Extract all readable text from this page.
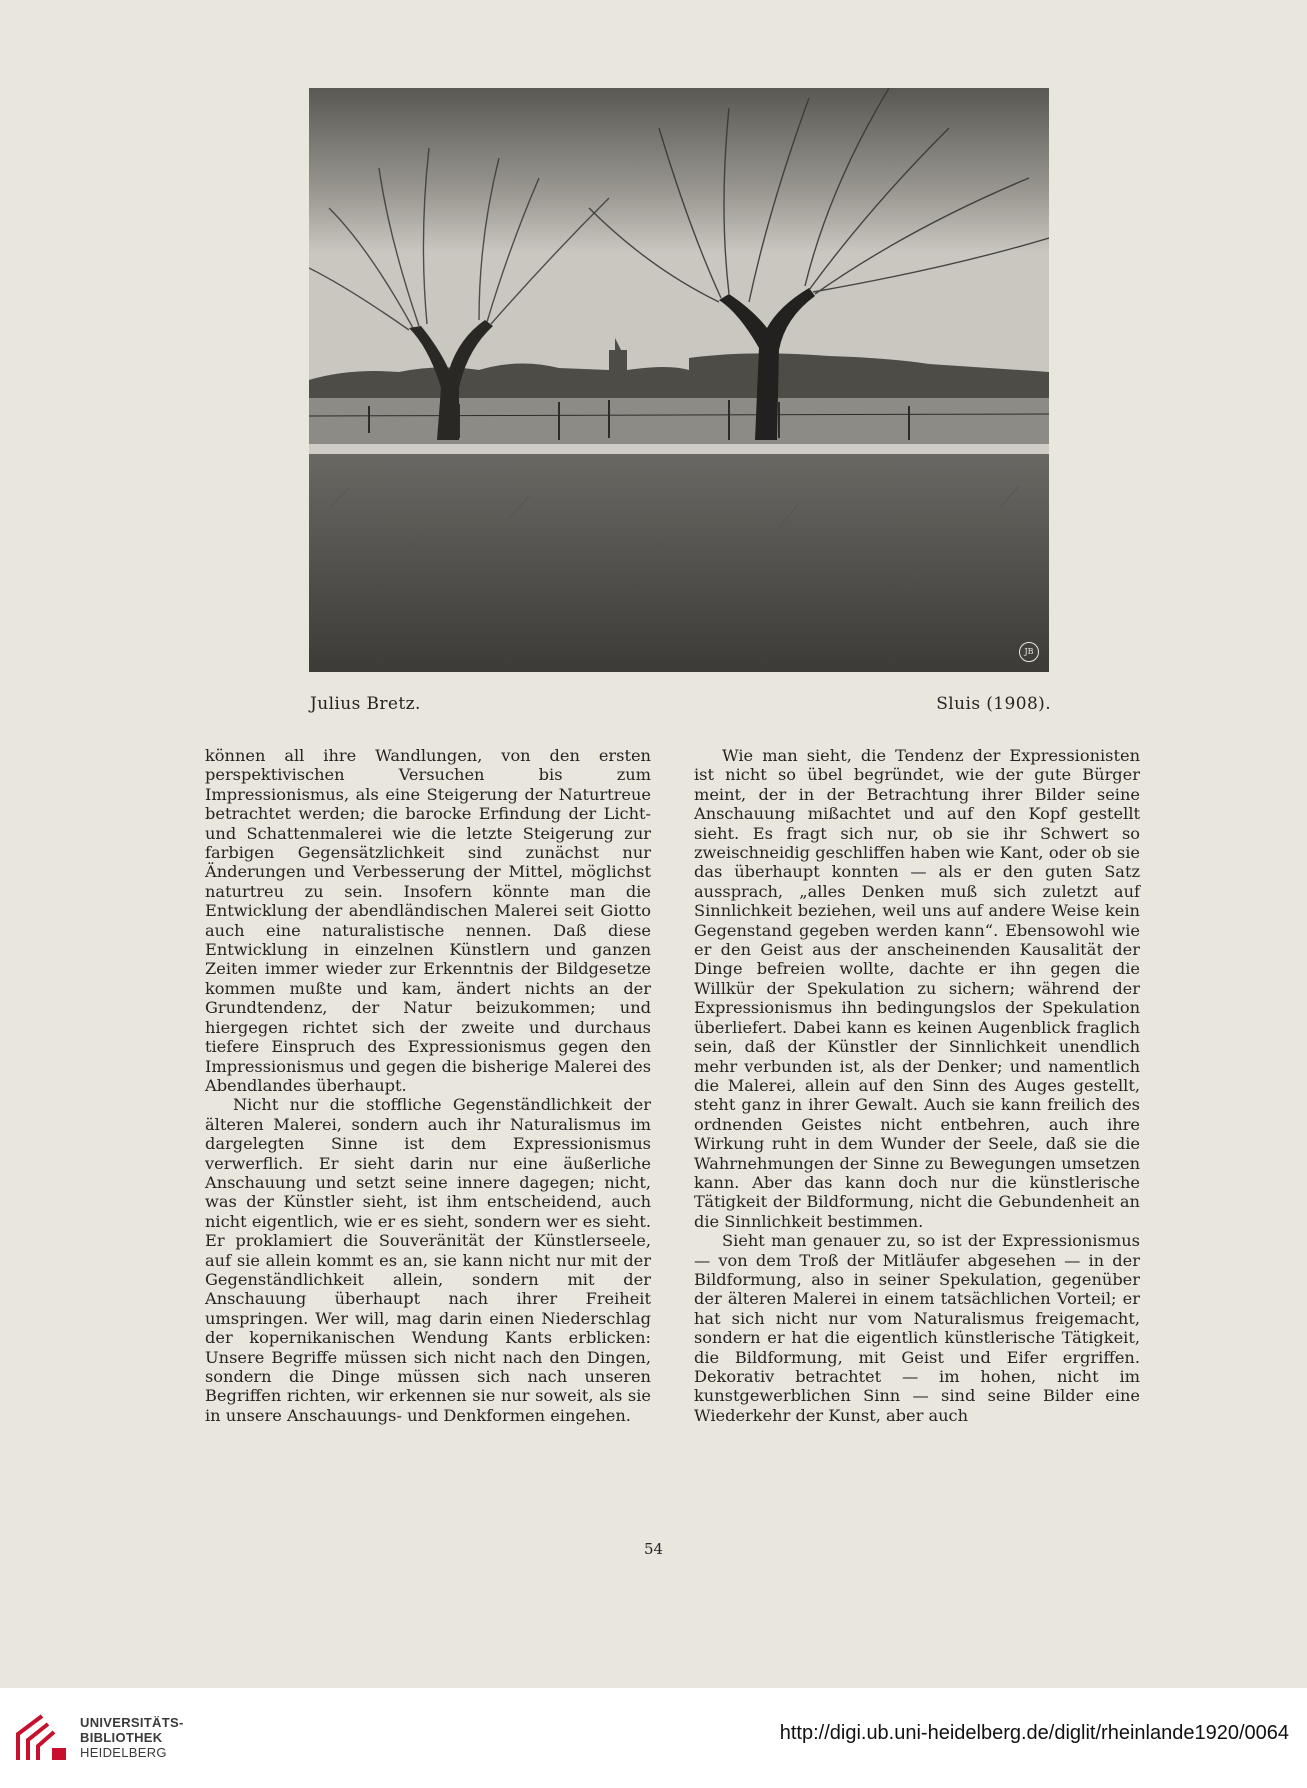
JB
Julius Bretz.	Sluis (1908).

können all ihre Wandlungen, von den ersten perspektivischen Versuchen bis zum Impressionismus, als eine Steigerung der Naturtreue betrachtet werden; die barocke Erfindung der Licht- und Schattenmalerei wie die letzte Steigerung zur farbigen Gegensätzlichkeit sind zunächst nur Änderungen und Verbesserung der Mittel, möglichst naturtreu zu sein. Insofern könnte man die Entwicklung der abendländischen Malerei seit Giotto auch eine naturalistische nennen. Daß diese Entwicklung in einzelnen Künstlern und ganzen Zeiten immer wieder zur Erkenntnis der Bildgesetze kommen mußte und kam, ändert nichts an der Grundtendenz, der Natur beizukommen; und hiergegen richtet sich der zweite und durchaus tiefere Einspruch des Expressionismus gegen den Impressionismus und gegen die bisherige Malerei des Abendlandes überhaupt.

Nicht nur die stoffliche Gegenständlichkeit der älteren Malerei, sondern auch ihr Naturalismus im dargelegten Sinne ist dem Expressionismus verwerflich. Er sieht darin nur eine äußerliche Anschauung und setzt seine innere dagegen; nicht, was der Künstler sieht, ist ihm entscheidend, auch nicht eigentlich, wie er es sieht, sondern wer es sieht. Er proklamiert die Souveränität der Künstlerseele, auf sie allein kommt es an, sie kann nicht nur mit der Gegenständlichkeit allein, sondern mit der Anschauung überhaupt nach ihrer Freiheit umspringen. Wer will, mag darin einen Niederschlag der kopernikanischen Wendung Kants erblicken: Unsere Begriffe müssen sich nicht nach den Dingen, sondern die Dinge müssen sich nach unseren Begriffen richten, wir erkennen sie nur soweit, als sie in unsere Anschauungs- und Denkformen eingehen.

Wie man sieht, die Tendenz der Expressionisten ist nicht so übel begründet, wie der gute Bürger meint, der in der Betrachtung ihrer Bilder seine Anschauung mißachtet und auf den Kopf gestellt sieht. Es fragt sich nur, ob sie ihr Schwert so zweischneidig geschliffen haben wie Kant, oder ob sie das überhaupt konnten — als er den guten Satz aussprach, „alles Denken muß sich zuletzt auf Sinnlichkeit beziehen, weil uns auf andere Weise kein Gegenstand gegeben werden kann“. Ebensowohl wie er den Geist aus der anscheinenden Kausalität der Dinge befreien wollte, dachte er ihn gegen die Willkür der Spekulation zu sichern; während der Expressionismus ihn bedingungslos der Spekulation überliefert. Dabei kann es keinen Augenblick fraglich sein, daß der Künstler der Sinnlichkeit unendlich mehr verbunden ist, als der Denker; und namentlich die Malerei, allein auf den Sinn des Auges gestellt, steht ganz in ihrer Gewalt. Auch sie kann freilich des ordnenden Geistes nicht entbehren, auch ihre Wirkung ruht in dem Wunder der Seele, daß sie die Wahrnehmungen der Sinne zu Bewegungen umsetzen kann. Aber das kann doch nur die künstlerische Tätigkeit der Bildformung, nicht die Gebundenheit an die Sinnlichkeit bestimmen.

Sieht man genauer zu, so ist der Expressionismus — von dem Troß der Mitläufer abgesehen — in der Bildformung, also in seiner Spekulation, gegenüber der älteren Malerei in einem tatsächlichen Vorteil; er hat sich nicht nur vom Naturalismus freigemacht, sondern er hat die eigentlich künstlerische Tätigkeit, die Bildformung, mit Geist und Eifer ergriffen. Dekorativ betrachtet — im hohen, nicht im kunstgewerblichen Sinn — sind seine Bilder eine Wiederkehr der Kunst, aber auch

54
UNIVERSITÄTS-
BIBLIOTHEK
HEIDELBERG
http://digi.ub.uni-heidelberg.de/diglit/rheinlande1920/0064
